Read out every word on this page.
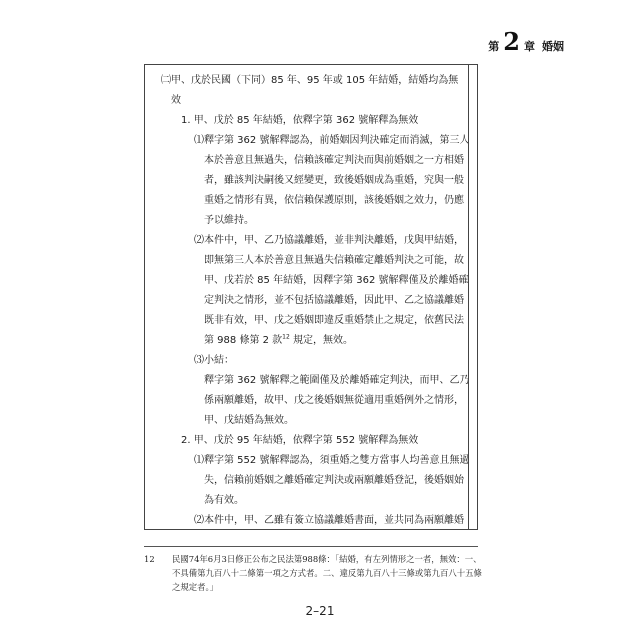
第 2 章 婚姻
㈡甲、戊於民國（下同）85 年、95 年或 105 年結婚，結婚均為無
效
1. 甲、戊於 85 年結婚，依釋字第 362 號解釋為無效
⑴釋字第 362 號解釋認為，前婚姻因判決確定而消滅，第三人
本於善意且無過失，信賴該確定判決而與前婚姻之一方相婚
者，雖該判決嗣後又經變更，致後婚姻成為重婚，究與一般
重婚之情形有異，依信賴保護原則，該後婚姻之效力，仍應
予以維持。
⑵本件中，甲、乙乃協議離婚，並非判決離婚，戊與甲結婚，
即無第三人本於善意且無過失信賴確定離婚判決之可能，故
甲、戊若於 85 年結婚，因釋字第 362 號解釋僅及於離婚確
定判決之情形，並不包括協議離婚，因此甲、乙之協議離婚
既非有效，甲、戊之婚姻即違反重婚禁止之規定，依舊民法
第 988 條第 2 款$^{12}$ 規定，無效。
⑶小結：
釋字第 362 號解釋之範圍僅及於離婚確定判決，而甲、乙乃
係兩願離婚，故甲、戊之後婚姻無從適用重婚例外之情形，
甲、戊結婚為無效。
2. 甲、戊於 95 年結婚，依釋字第 552 號解釋為無效
⑴釋字第 552 號解釋認為，須重婚之雙方當事人均善意且無過
失，信賴前婚姻之離婚確定判決或兩願離婚登記，後婚姻始
為有效。
⑵本件中，甲、乙雖有簽立協議離婚書面，並共同為兩願離婚
12 民國74年6月3日修正公布之民法第988條：「結婚，有左列情形之一者，無效：一、
不具備第九百八十二條第一項之方式者。二、違反第九百八十三條或第九百八十五條
之規定者。」
2–21
